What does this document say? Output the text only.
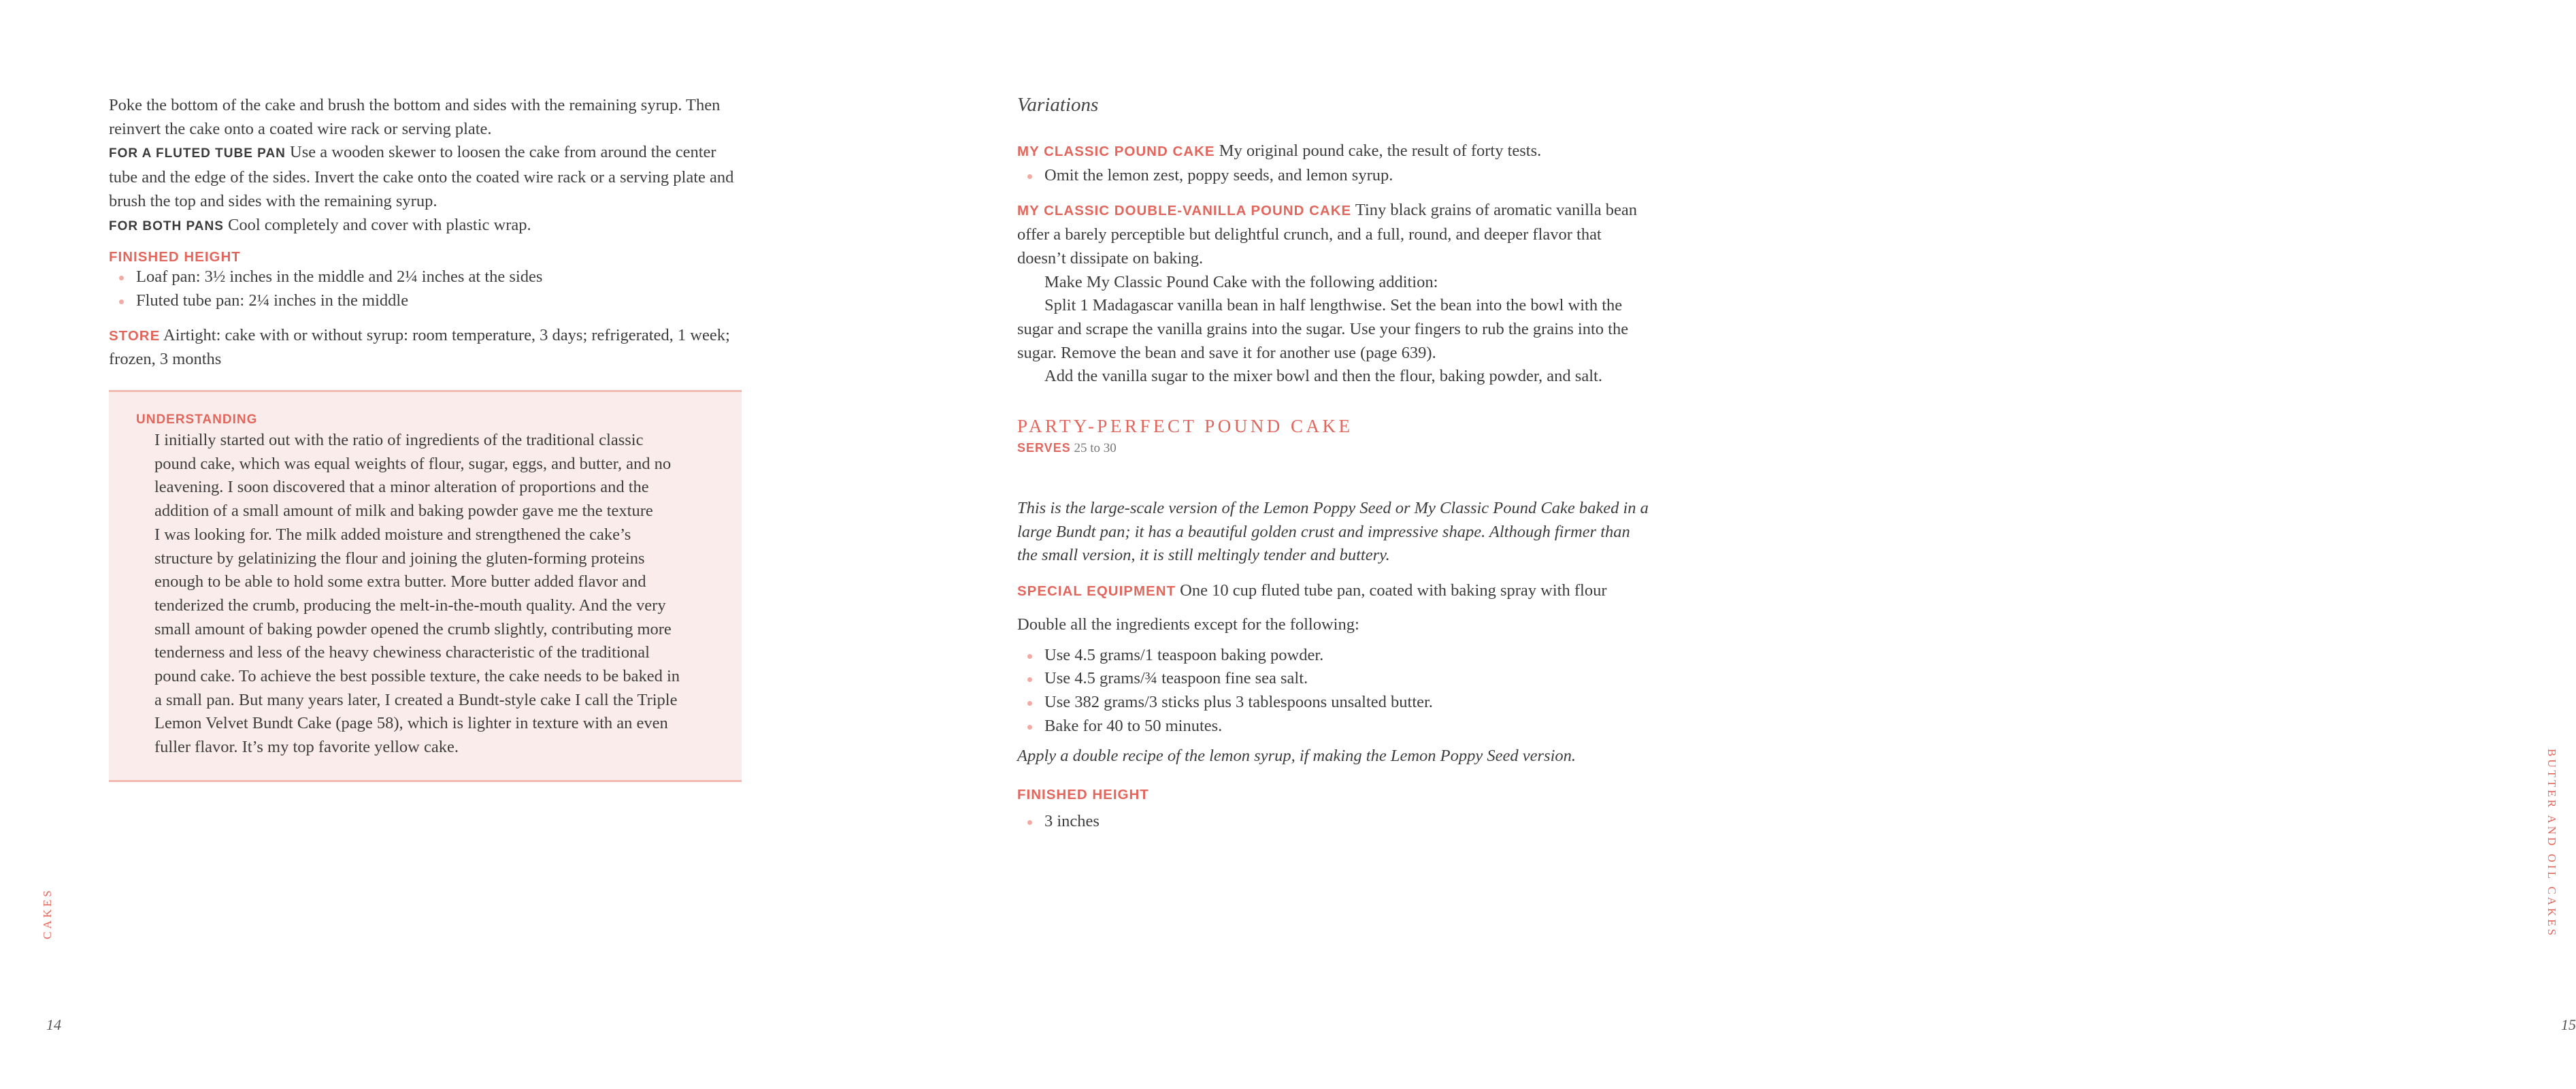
Poke the bottom of the cake and brush the bottom and sides with the remaining syrup. Then
reinvert the cake onto a coated wire rack or serving plate.

FOR A FLUTED TUBE PAN Use a wooden skewer to loosen the cake from around the center
tube and the edge of the sides. Invert the cake onto the coated wire rack or a serving plate and
brush the top and sides with the remaining syrup.

FOR BOTH PANS Cool completely and cover with plastic wrap.

FINISHED HEIGHT
Loaf pan: 3½ inches in the middle and 2¼ inches at the sides
Fluted tube pan: 2¼ inches in the middle

STORE Airtight: cake with or without syrup: room temperature, 3 days; refrigerated, 1 week;
frozen, 3 months

UNDERSTANDING

I initially started out with the ratio of ingredients of the traditional classic
pound cake, which was equal weights of flour, sugar, eggs, and butter, and no
leavening. I soon discovered that a minor alteration of proportions and the
addition of a small amount of milk and baking powder gave me the texture
I was looking for. The milk added moisture and strengthened the cake’s
structure by gelatinizing the flour and joining the gluten-forming proteins
enough to be able to hold some extra butter. More butter added flavor and
tenderized the crumb, producing the melt-in-the-mouth quality. And the very
small amount of baking powder opened the crumb slightly, contributing more
tenderness and less of the heavy chewiness characteristic of the traditional
pound cake. To achieve the best possible texture, the cake needs to be baked in
a small pan. But many years later, I created a Bundt-style cake I call the Triple
Lemon Velvet Bundt Cake (page 58), which is lighter in texture with an even
fuller flavor. It’s my top favorite yellow cake.

CAKES
14
Variations

MY CLASSIC POUND CAKE My original pound cake, the result of forty tests.

Omit the lemon zest, poppy seeds, and lemon syrup.

MY CLASSIC DOUBLE-VANILLA POUND CAKE Tiny black grains of aromatic vanilla bean
offer a barely perceptible but delightful crunch, and a full, round, and deeper flavor that
doesn’t dissipate on baking.

Make My Classic Pound Cake with the following addition:

Split 1 Madagascar vanilla bean in half lengthwise. Set the bean into the bowl with the
sugar and scrape the vanilla grains into the sugar. Use your fingers to rub the grains into the
sugar. Remove the bean and save it for another use (page 639).

Add the vanilla sugar to the mixer bowl and then the flour, baking powder, and salt.

PARTY-PERFECT POUND CAKE
SERVES 25 to 30

This is the large-scale version of the Lemon Poppy Seed or My Classic Pound Cake baked in a
large Bundt pan; it has a beautiful golden crust and impressive shape. Although firmer than
the small version, it is still meltingly tender and buttery.

SPECIAL EQUIPMENT One 10 cup fluted tube pan, coated with baking spray with flour

Double all the ingredients except for the following:

Use 4.5 grams/1 teaspoon baking powder.
Use 4.5 grams/¾ teaspoon fine sea salt.
Use 382 grams/3 sticks plus 3 tablespoons unsalted butter.
Bake for 40 to 50 minutes.

Apply a double recipe of the lemon syrup, if making the Lemon Poppy Seed version.

FINISHED HEIGHT
3 inches	BUTTER AND OIL CAKES
15
